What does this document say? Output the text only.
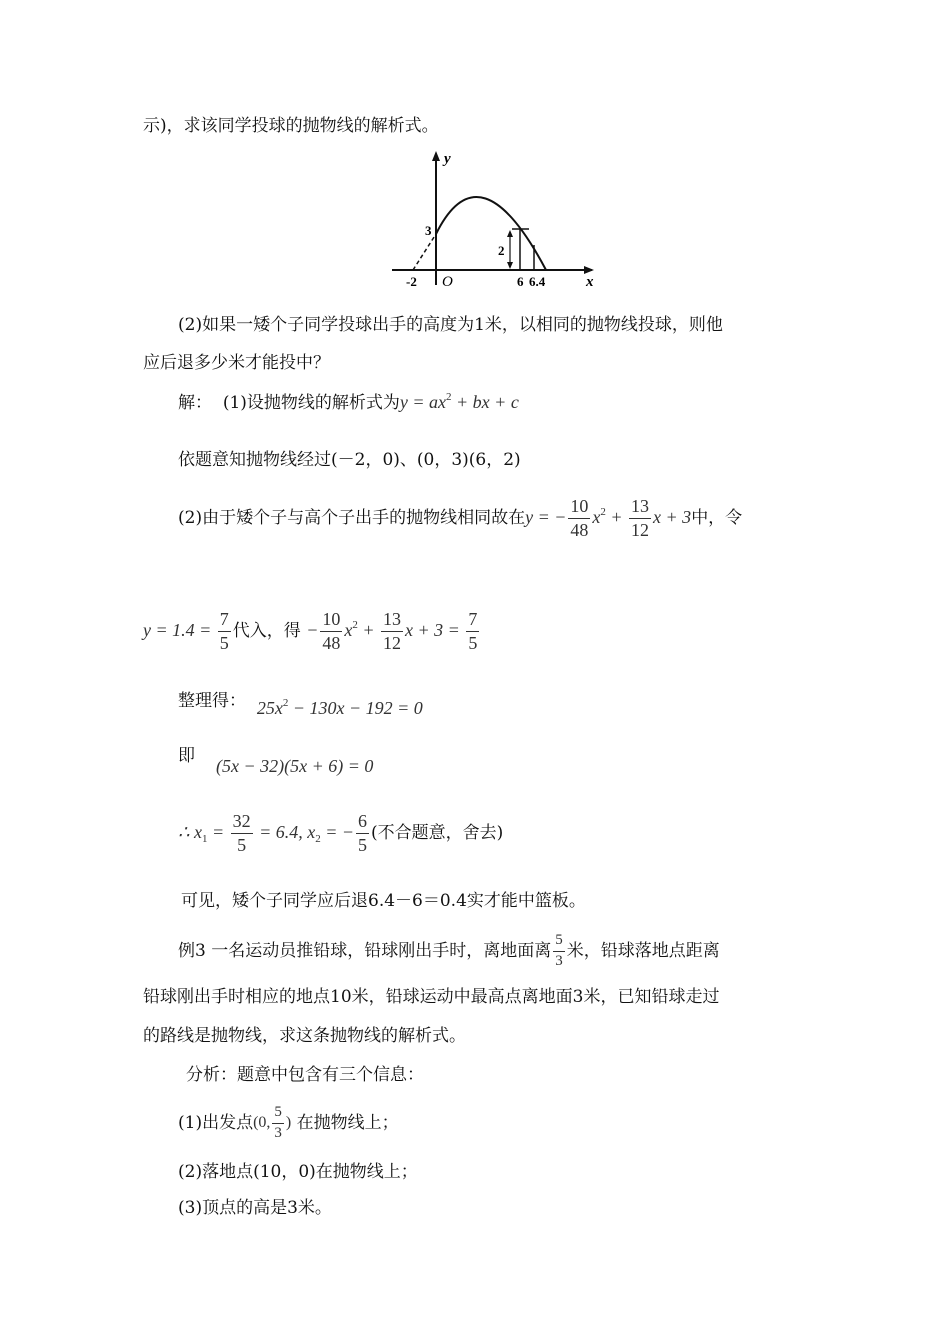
示)，求该同学投球的抛物线的解析式。
y
x
O
-2	6 6.4
3
2
(2)如果一矮个子同学投球出手的高度为1米，以相同的抛物线投球，则他
应后退多少米才能投中？
解： (1)设抛物线的解析式为$y = ax^2$ + bx + c
依题意知抛物线经过(－2，0)、(0，3)(6，2)
(2)由于矮个子与高个子出手的抛物线相同故在y = − $\frac{10}{48} x^2 + \frac{13}{12}$ x + 3中，令
$y = 1.4 = \frac{7}{5}$ 代入，得 − $\frac{10}{48} x^2 + \frac{13}{12}$ $x + 3 = \frac{7}{5}$
整理得： $25x^2 - 130x - 192 = 0$
即 (5x − 32)(5x + 6) = 0
∴ $x_1 = \frac{32}{5} = 6.4$, $x_2$ = − $\frac{6}{5}$ (不合题意，舍去)
可见，矮个子同学应后退6.4－6＝0.4实才能中篮板。
例3 一名运动员推铅球，铅球刚出手时，离地面离 $\frac{5}{3}$ 米，铅球落地点距离
铅球刚出手时相应的地点10米，铅球运动中最高点离地面3米，已知铅球走过
的路线是抛物线，求这条抛物线的解析式。
分析：题意中包含有三个信息：
(1)出发点(0, $\frac{5}{3}$ ) 在抛物线上；
(2)落地点(10，0)在抛物线上；
(3)顶点的高是3米。
